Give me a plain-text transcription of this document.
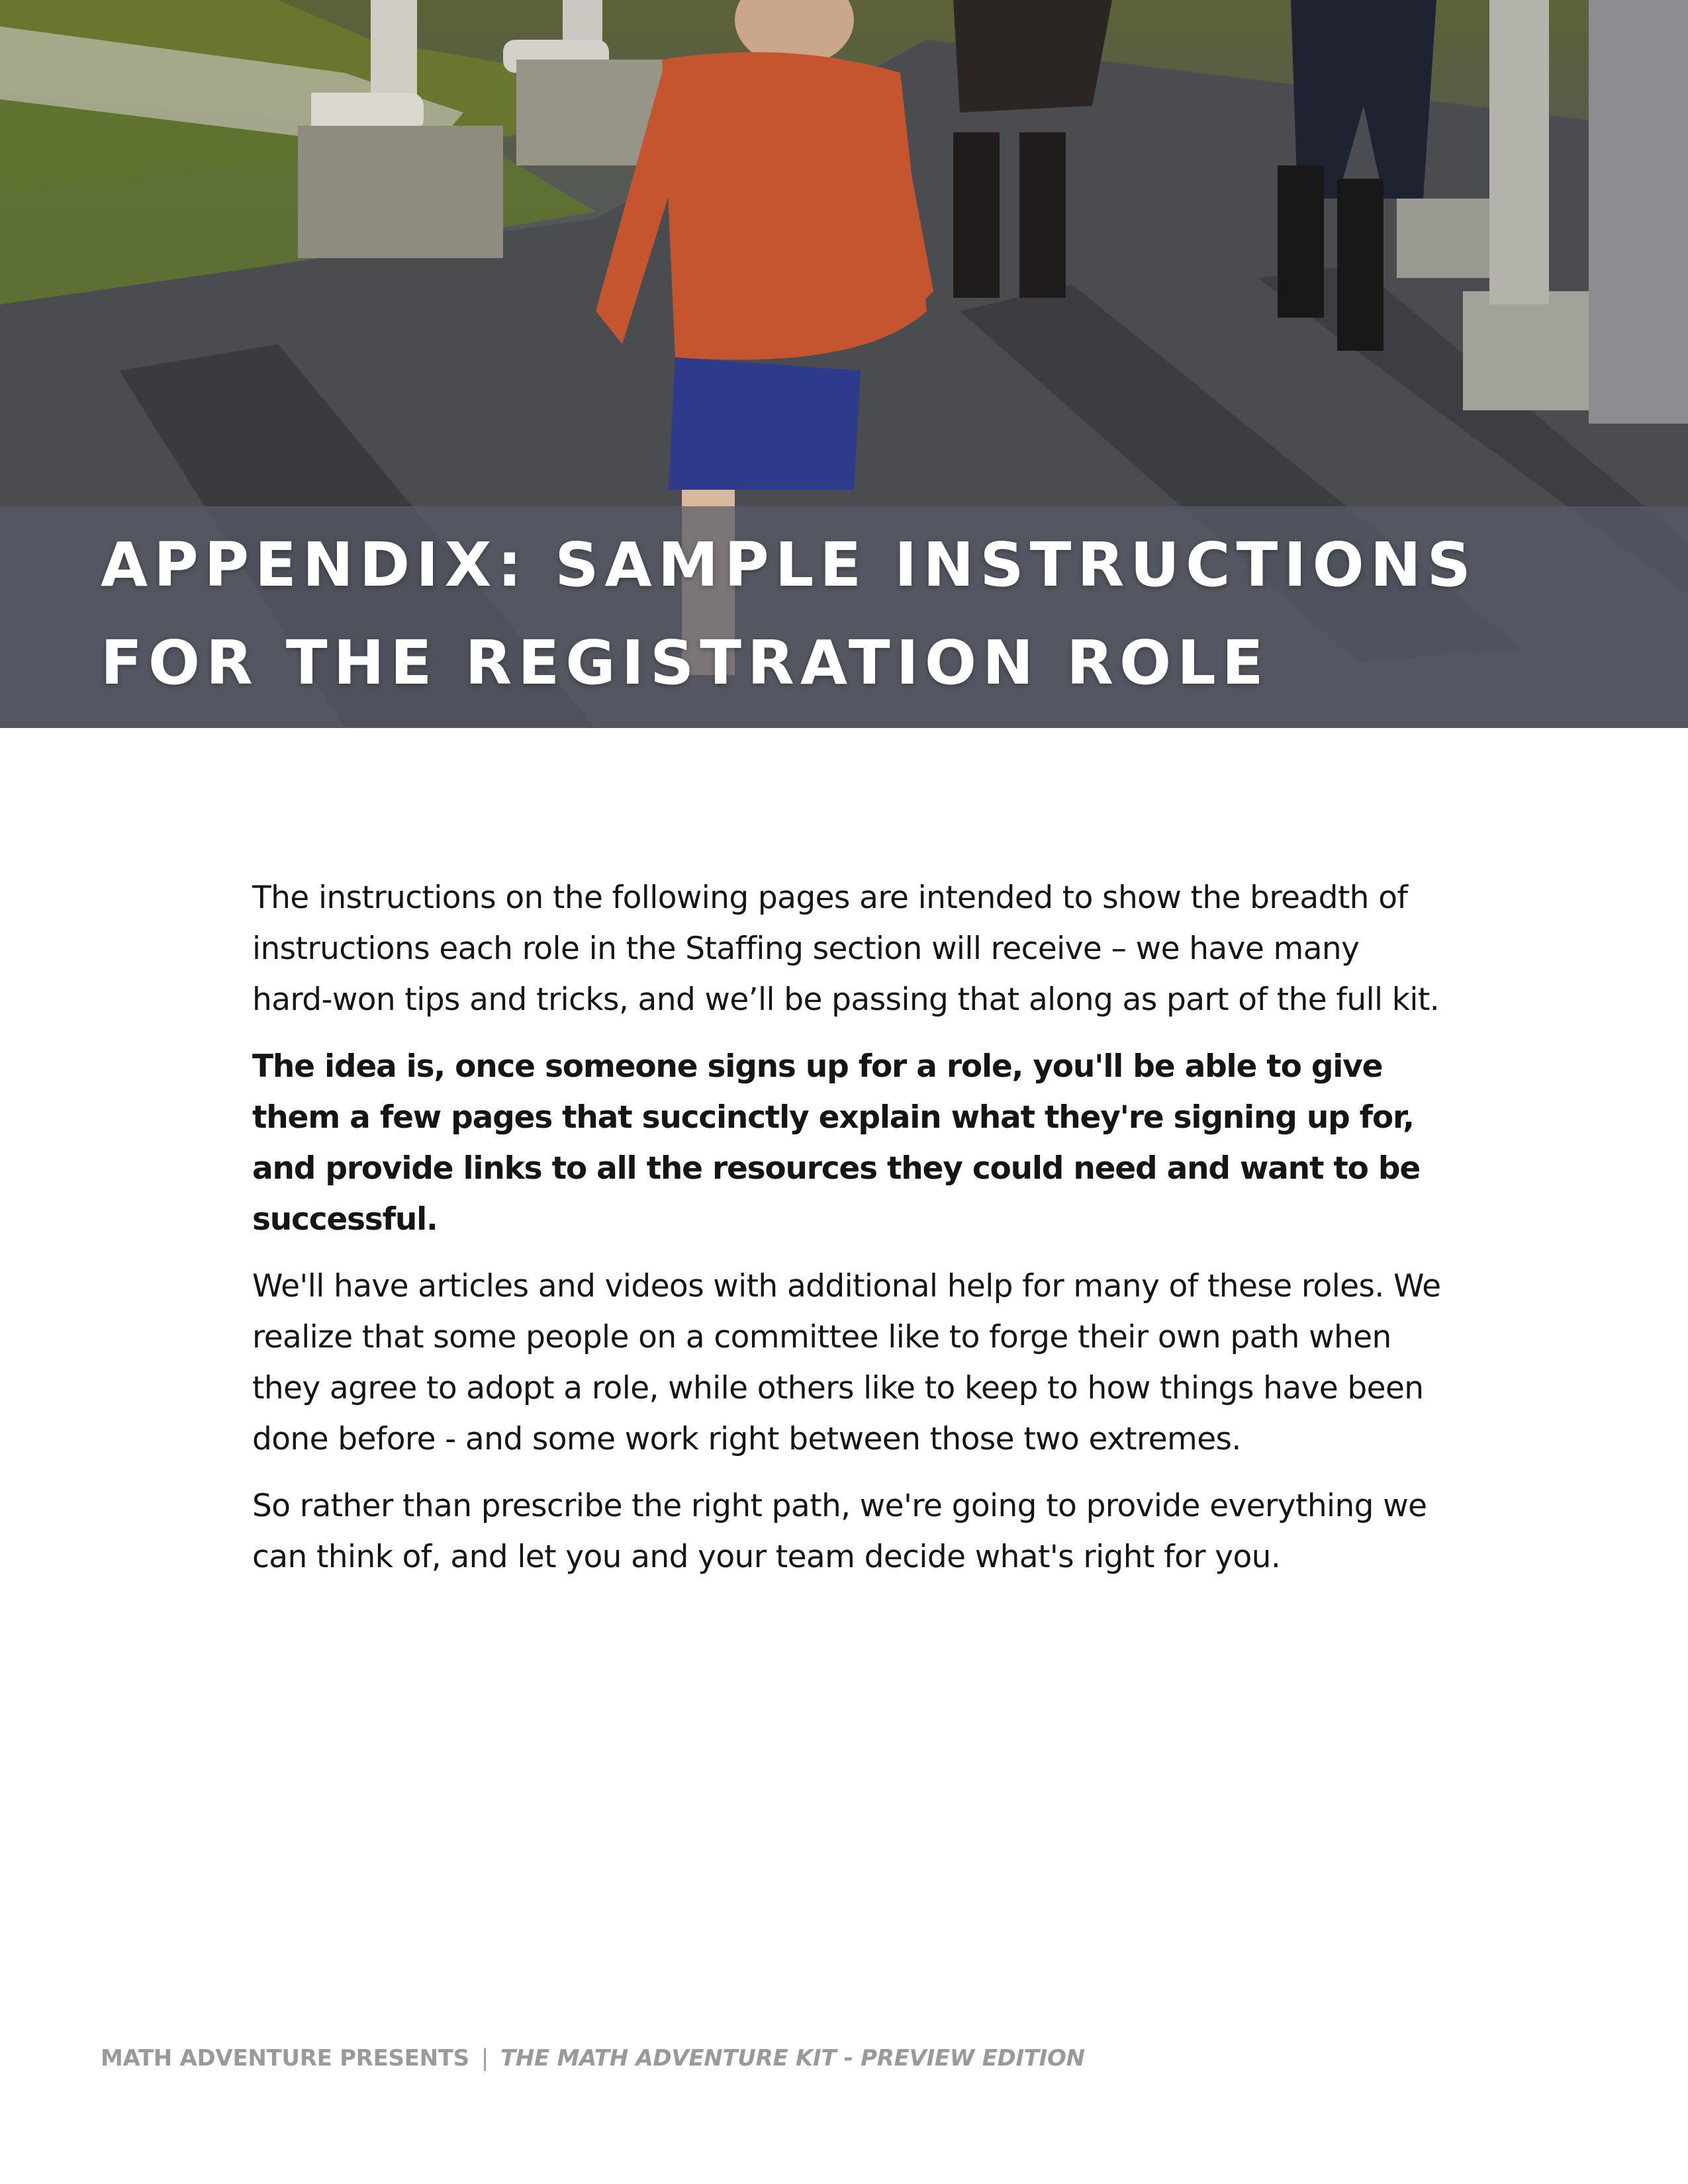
APPENDIX: SAMPLE INSTRUCTIONS
FOR THE REGISTRATION ROLE

The instructions on the following pages are intended to show the breadth of instructions each role in the Staffing section will receive – we have many hard-won tips and tricks, and we’ll be passing that along as part of the full kit.

The idea is, once someone signs up for a role, you'll be able to give them a few pages that succinctly explain what they're signing up for, and provide links to all the resources they could need and want to be successful.

We'll have articles and videos with additional help for many of these roles. We realize that some people on a committee like to forge their own path when they agree to adopt a role, while others like to keep to how things have been done before - and some work right between those two extremes.

So rather than prescribe the right path, we're going to provide everything we can think of, and let you and your team decide what's right for you.

MATH ADVENTURE PRESENTS | THE MATH ADVENTURE KIT - PREVIEW EDITION
